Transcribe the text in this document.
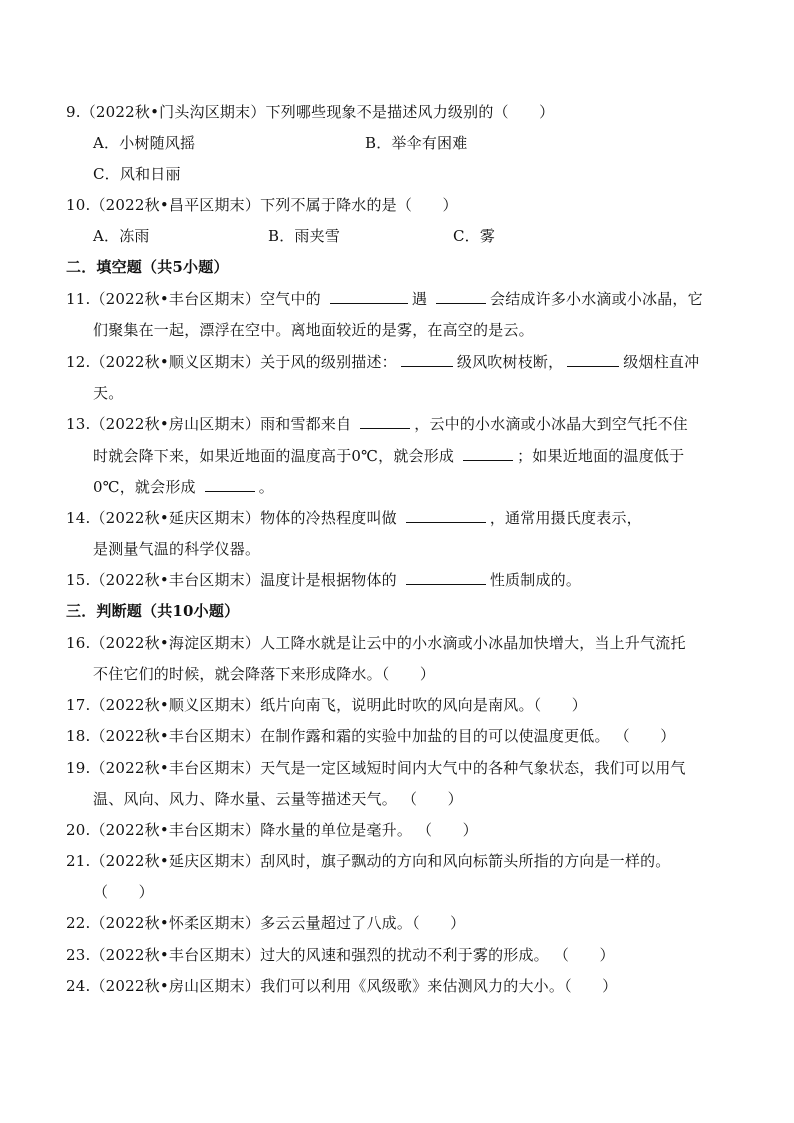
9.（2022秋•门头沟区期末）下列哪些现象不是描述风力级别的（　　）
A．小树随风摇	B．举伞有困难
C．风和日丽
10.（2022秋•昌平区期末）下列不属于降水的是（　　）
A．冻雨	B．雨夹雪	C．雾
二．填空题（共5小题）
11.（2022秋•丰台区期末）空气中的	遇	会结成许多小水滴或小冰晶，它
们聚集在一起，漂浮在空中。离地面较近的是雾，在高空的是云。
12.（2022秋•顺义区期末）关于风的级别描述：	级风吹树枝断，	级烟柱直冲
天。
13.（2022秋•房山区期末）雨和雪都来自	，云中的小水滴或小冰晶大到空气托不住
时就会降下来，如果近地面的温度高于0℃，就会形成	；如果近地面的温度低于
0℃，就会形成	。
14.（2022秋•延庆区期末）物体的冷热程度叫做	，通常用摄氏度表示，
是测量气温的科学仪器。
15.（2022秋•丰台区期末）温度计是根据物体的	性质制成的。
三．判断题（共10小题）
16.（2022秋•海淀区期末）人工降水就是让云中的小水滴或小冰晶加快增大，当上升气流托
不住它们的时候，就会降落下来形成降水。（　　）
17.（2022秋•顺义区期末）纸片向南飞，说明此时吹的风向是南风。（　　）
18.（2022秋•丰台区期末）在制作露和霜的实验中加盐的目的可以使温度更低。 （　　）
19.（2022秋•丰台区期末）天气是一定区域短时间内大气中的各种气象状态，我们可以用气
温、风向、风力、降水量、云量等描述天气。 （　　）
20.（2022秋•丰台区期末）降水量的单位是毫升。 （　　）
21.（2022秋•延庆区期末）刮风时，旗子飘动的方向和风向标箭头所指的方向是一样的。
（　　）
22.（2022秋•怀柔区期末）多云云量超过了八成。（　　）
23.（2022秋•丰台区期末）过大的风速和强烈的扰动不利于雾的形成。 （　　）
24.（2022秋•房山区期末）我们可以利用《风级歌》来估测风力的大小。（　　）
